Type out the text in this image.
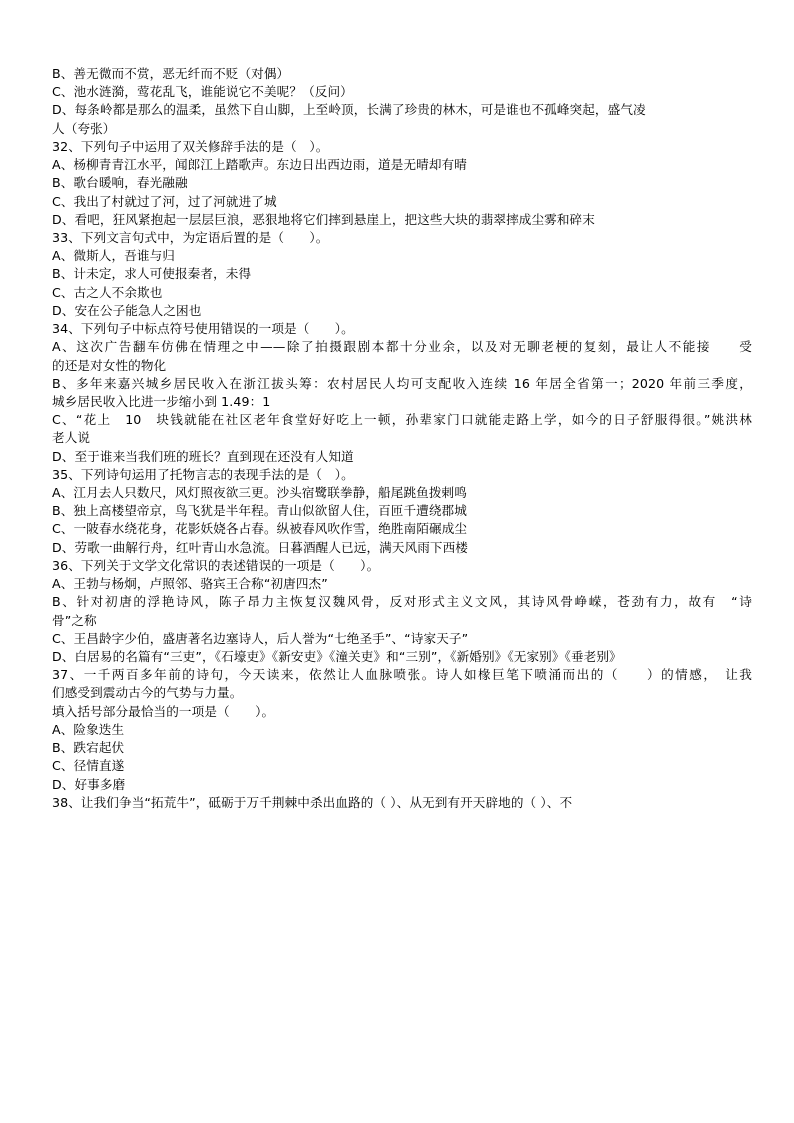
B、善无微而不赏，恶无纤而不贬（对偶）
C、池水涟漪，莺花乱飞，谁能说它不美呢？（反问）
D、每条岭都是那么的温柔，虽然下自山脚，上至岭顶，长满了珍贵的林木，可是谁也不孤峰突起，盛气凌
人（夸张）
32、下列句子中运用了双关修辞手法的是（　）。
A、杨柳青青江水平，闻郎江上踏歌声。东边日出西边雨，道是无晴却有晴
B、歌台暖响，春光融融
C、我出了村就过了河，过了河就进了城
D、看吧，狂风紧抱起一层层巨浪，恶狠地将它们摔到悬崖上，把这些大块的翡翠摔成尘雾和碎末
33、下列文言句式中，为定语后置的是（　　）。
A、微斯人，吾谁与归
B、计未定，求人可使报秦者，未得
C、古之人不余欺也
D、安在公子能急人之困也
34、下列句子中标点符号使用错误的一项是（　　）。
A、这次广告翻车仿佛在情理之中——除了拍摄跟剧本都十分业余，以及对无聊老梗的复刻，最让人不能接　　受
的还是对女性的物化
B、多年来嘉兴城乡居民收入在浙江拔头筹：农村居民人均可支配收入连续 16 年居全省第一；2020 年前三季度，
城乡居民收入比进一步缩小到 1.49：1
C、“花上　10　块钱就能在社区老年食堂好好吃上一顿，孙辈家门口就能走路上学，如今的日子舒服得很。”姚洪林
老人说
D、至于谁来当我们班的班长？直到现在还没有人知道
35、下列诗句运用了托物言志的表现手法的是（　）。
A、江月去人只数尺，风灯照夜欲三更。沙头宿鹭联拳静，船尾跳鱼拨剌鸣
B、独上高楼望帝京，鸟飞犹是半年程。青山似欲留人住，百匝千遭绕郡城
C、一陂春水绕花身，花影妖娆各占春。纵被春风吹作雪，绝胜南陌碾成尘
D、劳歌一曲解行舟，红叶青山水急流。日暮酒醒人已远，满天风雨下西楼
36、下列关于文学文化常识的表述错误的一项是（　　）。
A、王勃与杨炯，卢照邻、骆宾王合称“初唐四杰”
B、针对初唐的浮艳诗风，陈子昂力主恢复汉魏风骨，反对形式主义文风，其诗风骨峥嵘，苍劲有力，故有　“诗
骨”之称
C、王昌龄字少伯，盛唐著名边塞诗人，后人誉为“七绝圣手”、“诗家天子”
D、白居易的名篇有“三吏”，《石壕吏》《新安吏》《潼关吏》和“三别”，《新婚别》《无家别》《垂老别》
37、一千两百多年前的诗句，今天读来，依然让人血脉喷张。诗人如椽巨笔下喷涌而出的（　　）的情感，　让我
们感受到震动古今的气势与力量。
填入括号部分最恰当的一项是（　　）。
A、险象迭生
B、跌宕起伏
C、径情直遂
D、好事多磨
38、让我们争当“拓荒牛”，砥砺于万千荆棘中杀出血路的（ ）、从无到有开天辟地的（ ）、不
